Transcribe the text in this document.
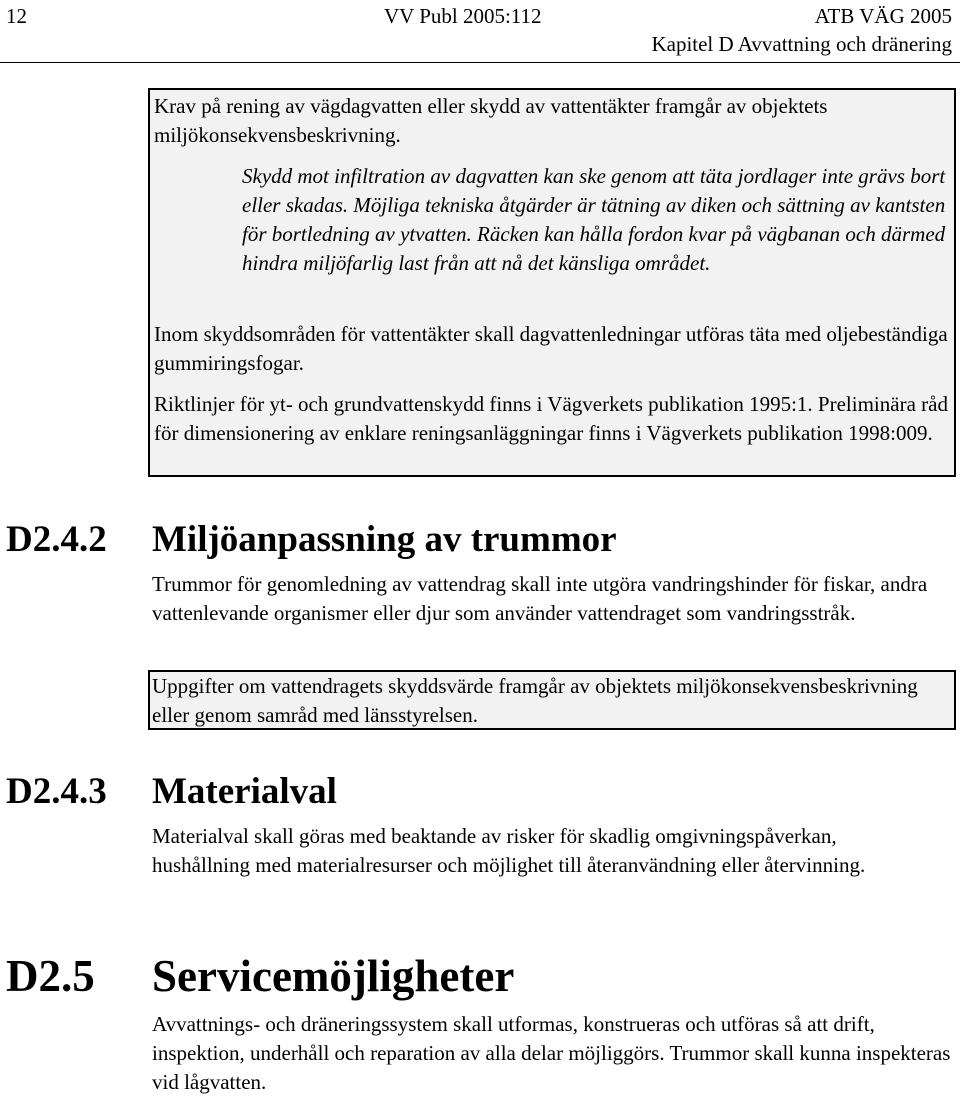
12	VV Publ 2005:112	ATB VÄG 2005
Kapitel D Avvattning och dränering

Krav på rening av vägdagvatten eller skydd av vattentäkter framgår av objektets miljökonsekvensbeskrivning.

Skydd mot infiltration av dagvatten kan ske genom att täta jordlager inte grävs bort eller skadas. Möjliga tekniska åtgärder är tätning av diken och sättning av kantsten för bortledning av ytvatten. Räcken kan hålla fordon kvar på vägbanan och därmed hindra miljöfarlig last från att nå det känsliga området.

Inom skyddsområden för vattentäkter skall dagvattenledningar utföras täta med oljebeständiga gummiringsfogar.

Riktlinjer för yt- och grundvattenskydd finns i Vägverkets publikation 1995:1. Preliminära råd för dimensionering av enklare reningsanläggningar finns i Vägverkets publikation 1998:009.

D2.4.2 Miljöanpassning av trummor

Trummor för genomledning av vattendrag skall inte utgöra vandringshinder för fiskar, andra vattenlevande organismer eller djur som använder vattendraget som vandringsstråk.

Uppgifter om vattendragets skyddsvärde framgår av objektets miljökonsekvensbeskrivning eller genom samråd med länsstyrelsen.

D2.4.3 Materialval

Materialval skall göras med beaktande av risker för skadlig omgivningspåverkan, hushållning med materialresurser och möjlighet till återanvändning eller återvinning.

D2.5 Servicemöjligheter

Avvattnings- och dräneringssystem skall utformas, konstrueras och utföras så att drift, inspektion, underhåll och reparation av alla delar möjliggörs. Trummor skall kunna inspekteras vid lågvatten.
